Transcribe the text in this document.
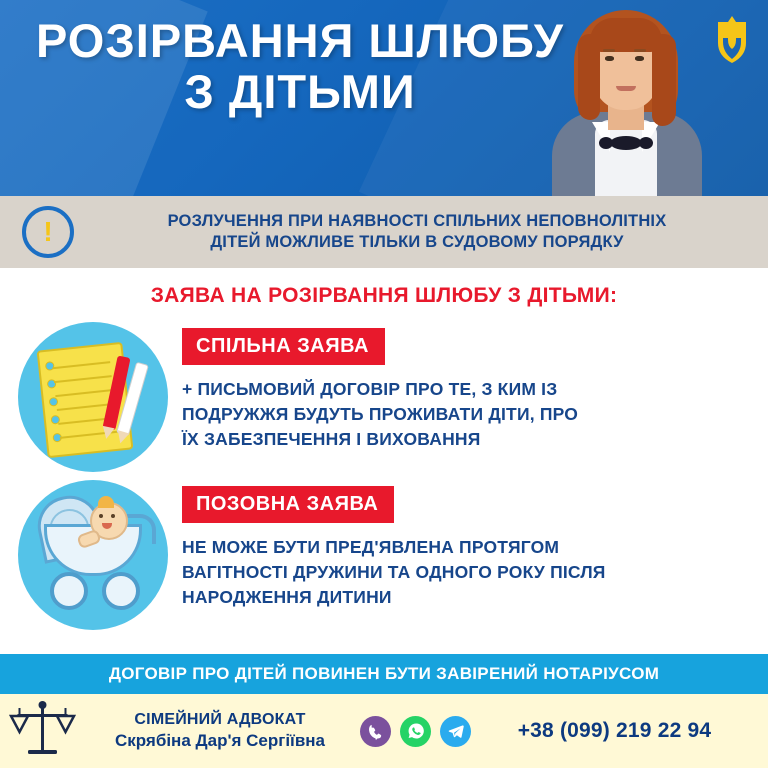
РОЗІРВАННЯ ШЛЮБУ
З ДІТЬМИ
!	РОЗЛУЧЕННЯ ПРИ НАЯВНОСТІ СПІЛЬНИХ НЕПОВНОЛІТНІХ
ДІТЕЙ МОЖЛИВЕ ТІЛЬКИ В СУДОВОМУ ПОРЯДКУ
ЗАЯВА НА РОЗІРВАННЯ ШЛЮБУ З ДІТЬМИ:
СПІЛЬНА ЗАЯВА
+ ПИСЬМОВИЙ ДОГОВІР ПРО ТЕ, З КИМ ІЗ
ПОДРУЖЖЯ БУДУТЬ ПРОЖИВАТИ ДІТИ, ПРО
ЇХ ЗАБЕЗПЕЧЕННЯ І ВИХОВАННЯ
ПОЗОВНА ЗАЯВА
НЕ МОЖЕ БУТИ ПРЕД'ЯВЛЕНА ПРОТЯГОМ
ВАГІТНОСТІ ДРУЖИНИ ТА ОДНОГО РОКУ ПІСЛЯ
НАРОДЖЕННЯ ДИТИНИ
ДОГОВІР ПРО ДІТЕЙ ПОВИНЕН БУТИ ЗАВІРЕНИЙ НОТАРІУСОМ
СІМЕЙНИЙ АДВОКАТ
Скрябіна Дар'я Сергіївна	+38 (099) 219 22 94
